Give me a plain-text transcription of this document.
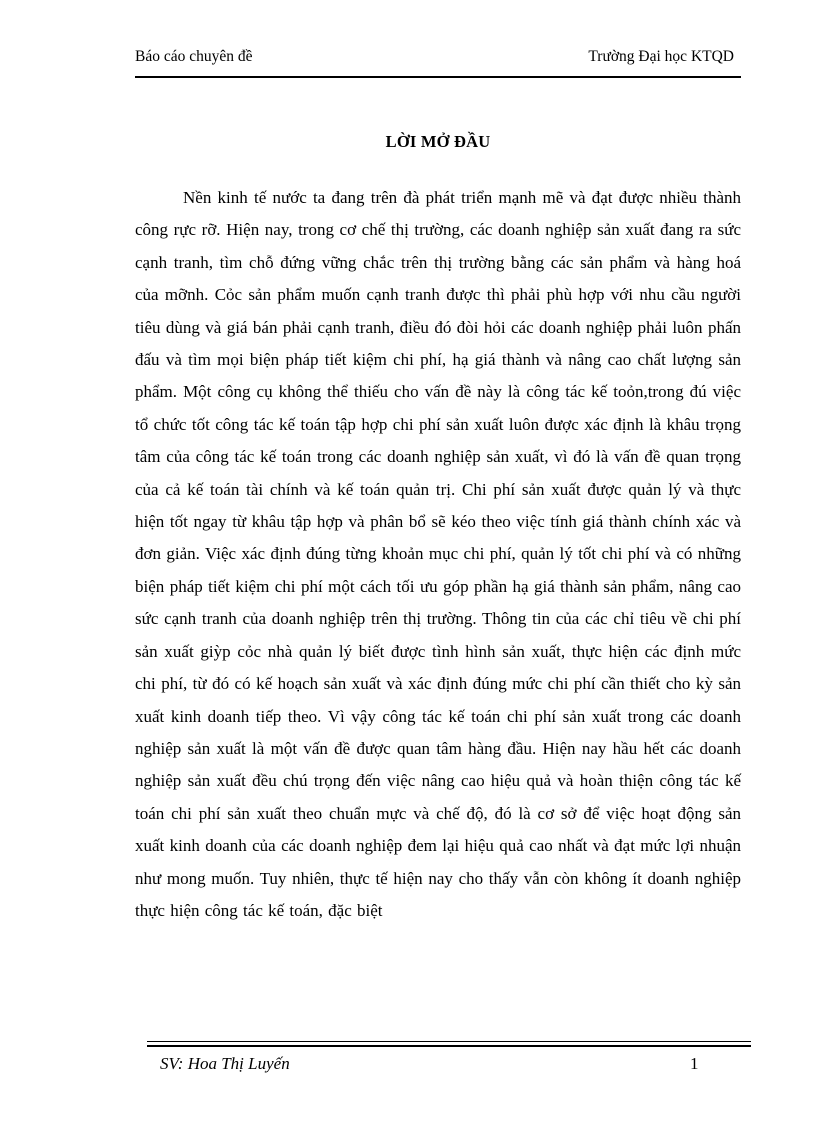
Báo cáo chuyên đề	Trường Đại học KTQD
LỜI MỞ ĐẦU

Nền kinh tế nước ta đang trên đà phát triển mạnh mẽ và đạt được nhiều thành công rực rỡ. Hiện nay, trong cơ chế thị trường, các doanh nghiệp sản xuất đang ra sức cạnh tranh, tìm chỗ đứng vững chắc trên thị trường bằng các sản phẩm và hàng hoá của mỡnh. Cỏc sản phẩm muốn cạnh tranh được thì phải phù hợp với nhu cầu người tiêu dùng và giá bán phải cạnh tranh, điều đó đòi hỏi các doanh nghiệp phải luôn phấn đấu và tìm mọi biện pháp tiết kiệm chi phí, hạ giá thành và nâng cao chất lượng sản phẩm. Một công cụ không thể thiếu cho vấn đề này là công tác kế toỏn,trong đú việc tổ chức tốt công tác kế toán tập hợp chi phí sản xuất luôn được xác định là khâu trọng tâm của công tác kế toán trong các doanh nghiệp sản xuất, vì đó là vấn đề quan trọng của cả kế toán tài chính và kế toán quản trị. Chi phí sản xuất được quản lý và thực hiện tốt ngay từ khâu tập hợp và phân bổ sẽ kéo theo việc tính giá thành chính xác và đơn giản. Việc xác định đúng từng khoản mục chi phí, quản lý tốt chi phí và có những biện pháp tiết kiệm chi phí một cách tối ưu góp phần hạ giá thành sản phẩm, nâng cao sức cạnh tranh của doanh nghiệp trên thị trường. Thông tin của các chỉ tiêu về chi phí sản xuất giỳp cỏc nhà quản lý biết được tình hình sản xuất, thực hiện các định mức chi phí, từ đó có kế hoạch sản xuất và xác định đúng mức chi phí cần thiết cho kỳ sản xuất kinh doanh tiếp theo. Vì vậy công tác kế toán chi phí sản xuất trong các doanh nghiệp sản xuất là một vấn đề được quan tâm hàng đầu. Hiện nay hầu hết các doanh nghiệp sản xuất đều chú trọng đến việc nâng cao hiệu quả và hoàn thiện công tác kế toán chi phí sản xuất theo chuẩn mực và chế độ, đó là cơ sở để việc hoạt động sản xuất kinh doanh của các doanh nghiệp đem lại hiệu quả cao nhất và đạt mức lợi nhuận như mong muốn. Tuy nhiên, thực tế hiện nay cho thấy vẫn còn không ít doanh nghiệp thực hiện công tác kế toán, đặc biệt

SV: Hoa Thị Luyến	1
